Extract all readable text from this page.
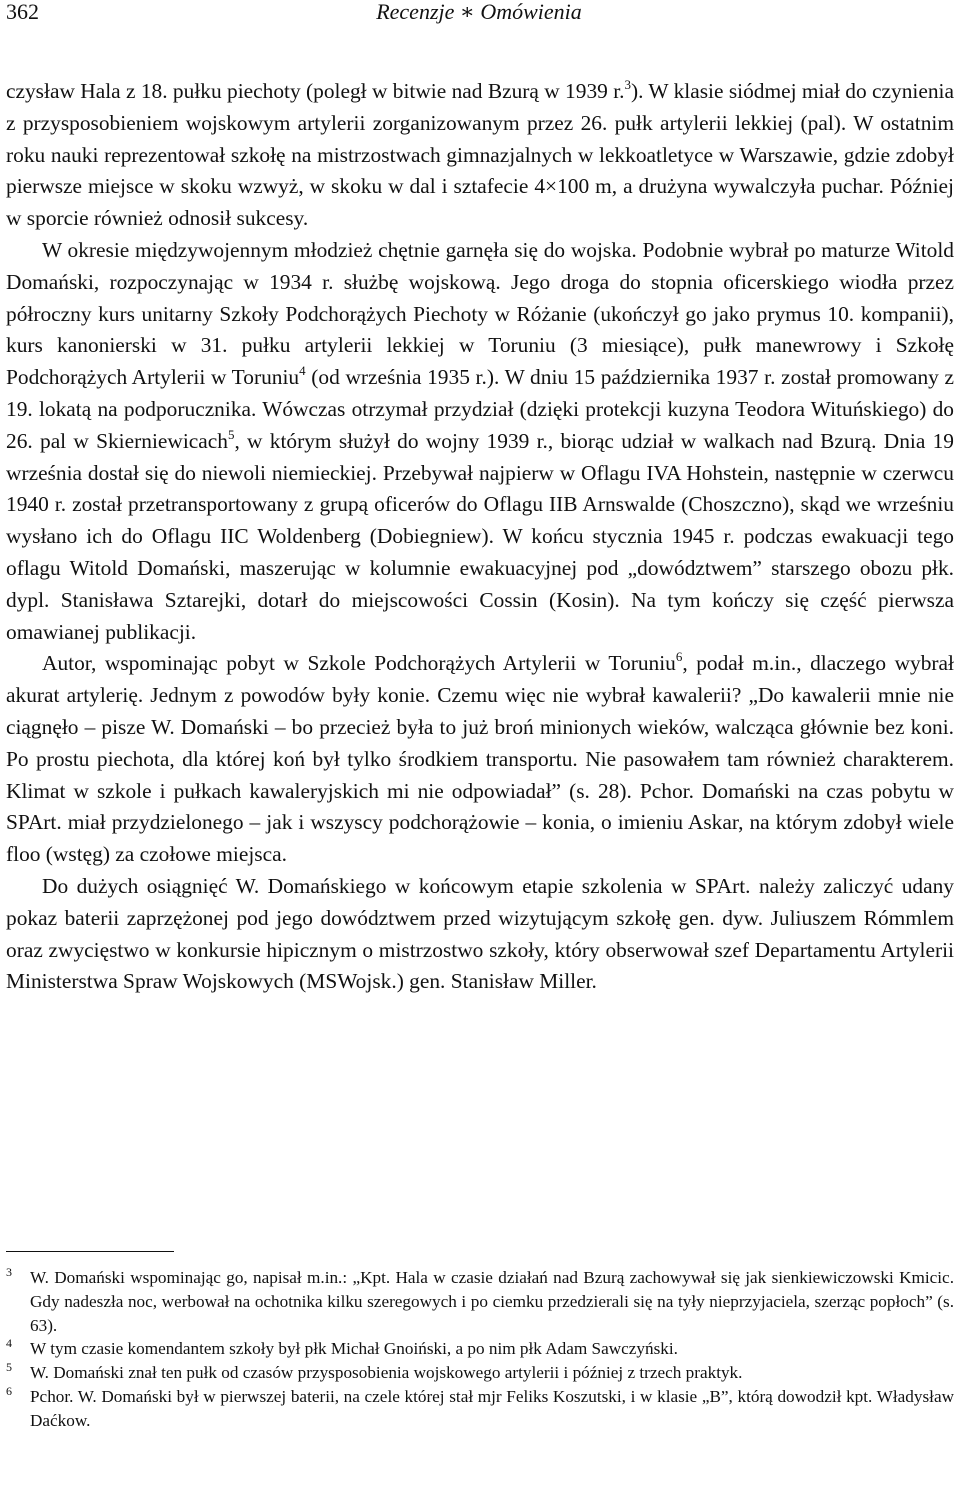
362	Recenzje ∗ Omówienia

czysław Hala z 18. pułku piechoty (poległ w bitwie nad Bzurą w 1939 r.$^3$). W klasie siódmej miał do czynienia z przysposobieniem wojskowym artylerii zorganizowanym przez 26. pułk artylerii lekkiej (pal). W ostatnim roku nauki reprezentował szkołę na mistrzostwach gimnazjalnych w lekkoatletyce w Warszawie, gdzie zdobył pierwsze miejsce w skoku wzwyż, w skoku w dal i sztafecie 4×100 m, a drużyna wywalczyła puchar. Później w sporcie również odnosił sukcesy.

W okresie międzywojennym młodzież chętnie garnęła się do wojska. Podobnie wybrał po maturze Witold Domański, rozpoczynając w 1934 r. służbę wojskową. Jego droga do stopnia oficerskiego wiodła przez półroczny kurs unitarny Szkoły Podchorążych Piechoty w Różanie (ukończył go jako prymus 10. kompanii), kurs kanonierski w 31. pułku artylerii lekkiej w Toruniu (3 miesiące), pułk manewrowy i Szkołę Podchorążych Artylerii w Toruniu$^4$ (od września 1935 r.). W dniu 15 października 1937 r. został promowany z 19. lokatą na podporucznika. Wówczas otrzymał przydział (dzięki protekcji kuzyna Teodora Wituńskiego) do 26. pal w Skierniewicach$^5$, w którym służył do wojny 1939 r., biorąc udział w walkach nad Bzurą. Dnia 19 września dostał się do niewoli niemieckiej. Przebywał najpierw w Oflagu IVA Hohstein, następnie w czerwcu 1940 r. został przetransportowany z grupą oficerów do Oflagu IIB Arnswalde (Choszczno), skąd we wrześniu wysłano ich do Oflagu IIC Woldenberg (Dobiegniew). W końcu stycznia 1945 r. podczas ewakuacji tego oflagu Witold Domański, maszerując w kolumnie ewakuacyjnej pod „dowództwem” starszego obozu płk. dypl. Stanisława Sztarejki, dotarł do miejscowości Cossin (Kosin). Na tym kończy się część pierwsza omawianej publikacji.

Autor, wspominając pobyt w Szkole Podchorążych Artylerii w Toruniu$^6$, podał m.in., dlaczego wybrał akurat artylerię. Jednym z powodów były konie. Czemu więc nie wybrał kawalerii? „Do kawalerii mnie nie ciągnęło – pisze W. Domański – bo przecież była to już broń minionych wieków, walcząca głównie bez koni. Po prostu piechota, dla której koń był tylko środkiem transportu. Nie pasowałem tam również charakterem. Klimat w szkole i pułkach kawaleryjskich mi nie odpowiadał” (s. 28). Pchor. Domański na czas pobytu w SPArt. miał przydzielonego – jak i wszyscy podchorążowie – konia, o imieniu Askar, na którym zdobył wiele floo (wstęg) za czołowe miejsca.

Do dużych osiągnięć W. Domańskiego w końcowym etapie szkolenia w SPArt. należy zaliczyć udany pokaz baterii zaprzężonej pod jego dowództwem przed wizytującym szkołę gen. dyw. Juliuszem Rómmlem oraz zwycięstwo w konkursie hipicznym o mistrzostwo szkoły, który obserwował szef Departamentu Artylerii Ministerstwa Spraw Wojskowych (MSWojsk.) gen. Stanisław Miller.

3 W. Domański wspominając go, napisał m.in.: „Kpt. Hala w czasie działań nad Bzurą zachowywał się jak sienkiewiczowski Kmicic. Gdy nadeszła noc, werbował na ochotnika kilku szeregowych i po ciemku przedzierali się na tyły nieprzyjaciela, szerząc popłoch” (s. 63).
4 W tym czasie komendantem szkoły był płk Michał Gnoiński, a po nim płk Adam Sawczyński.
5 W. Domański znał ten pułk od czasów przysposobienia wojskowego artylerii i później z trzech praktyk.
6 Pchor. W. Domański był w pierwszej baterii, na czele której stał mjr Feliks Koszutski, i w klasie „B”, którą dowodził kpt. Władysław Daćkow.
